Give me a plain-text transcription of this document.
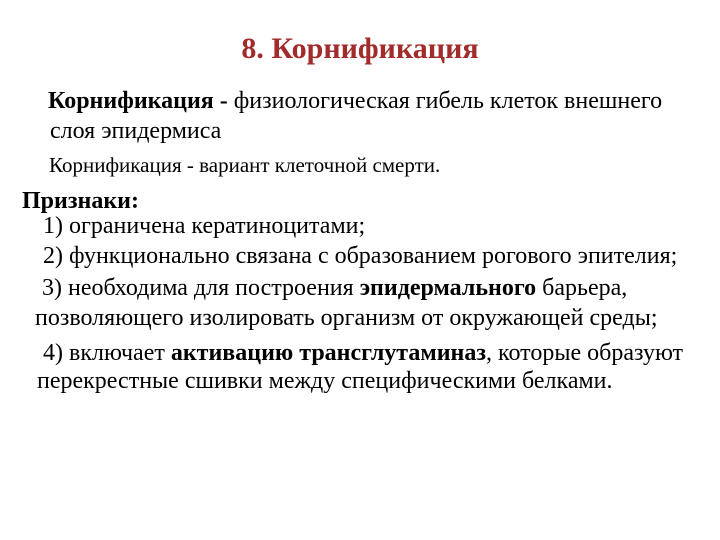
8. Корнификация
Корнификация - физиологическая гибель клеток внешнего
слоя эпидермиса
Корнификация - вариант клеточной смерти.
Признаки:
1) ограничена кератиноцитами;
2) функционально связана с образованием рогового эпителия;
3) необходима для построения эпидермального барьера,
позволяющего изолировать организм от окружающей среды;
4) включает активацию трансглутаминаз, которые образуют
перекрестные сшивки между специфическими белками.
